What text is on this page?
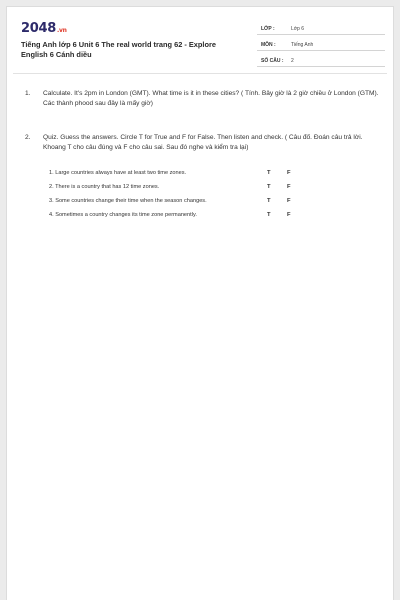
2048.vn
Tiếng Anh lớp 6 Unit 6 The real world trang 62 - Explore English 6 Cánh diều
LỚP :	Lớp 6
MÔN :	Tiếng Anh
SỐ CÂU :	2
1. Calculate. It's 2pm in London (GMT). What time is it in these cities? ( Tính. Bây giờ là 2 giờ chiều ở London (GTM). Các thành phood sau đây là mấy giờ)
2. Quiz. Guess the answers. Circle T for True and F for False. Then listen and check. ( Câu đố. Đoán câu trả lời. Khoang T cho câu đúng và F cho câu sai. Sau đó nghe và kiểm tra lại)
1. Large countries always have at least two time zones.	T	F
2. There is a country that has 12 time zones.	T	F
3. Some countries change their time when the season changes.	T	F
4. Sometimes a country changes its time zone permanently.	T	F
